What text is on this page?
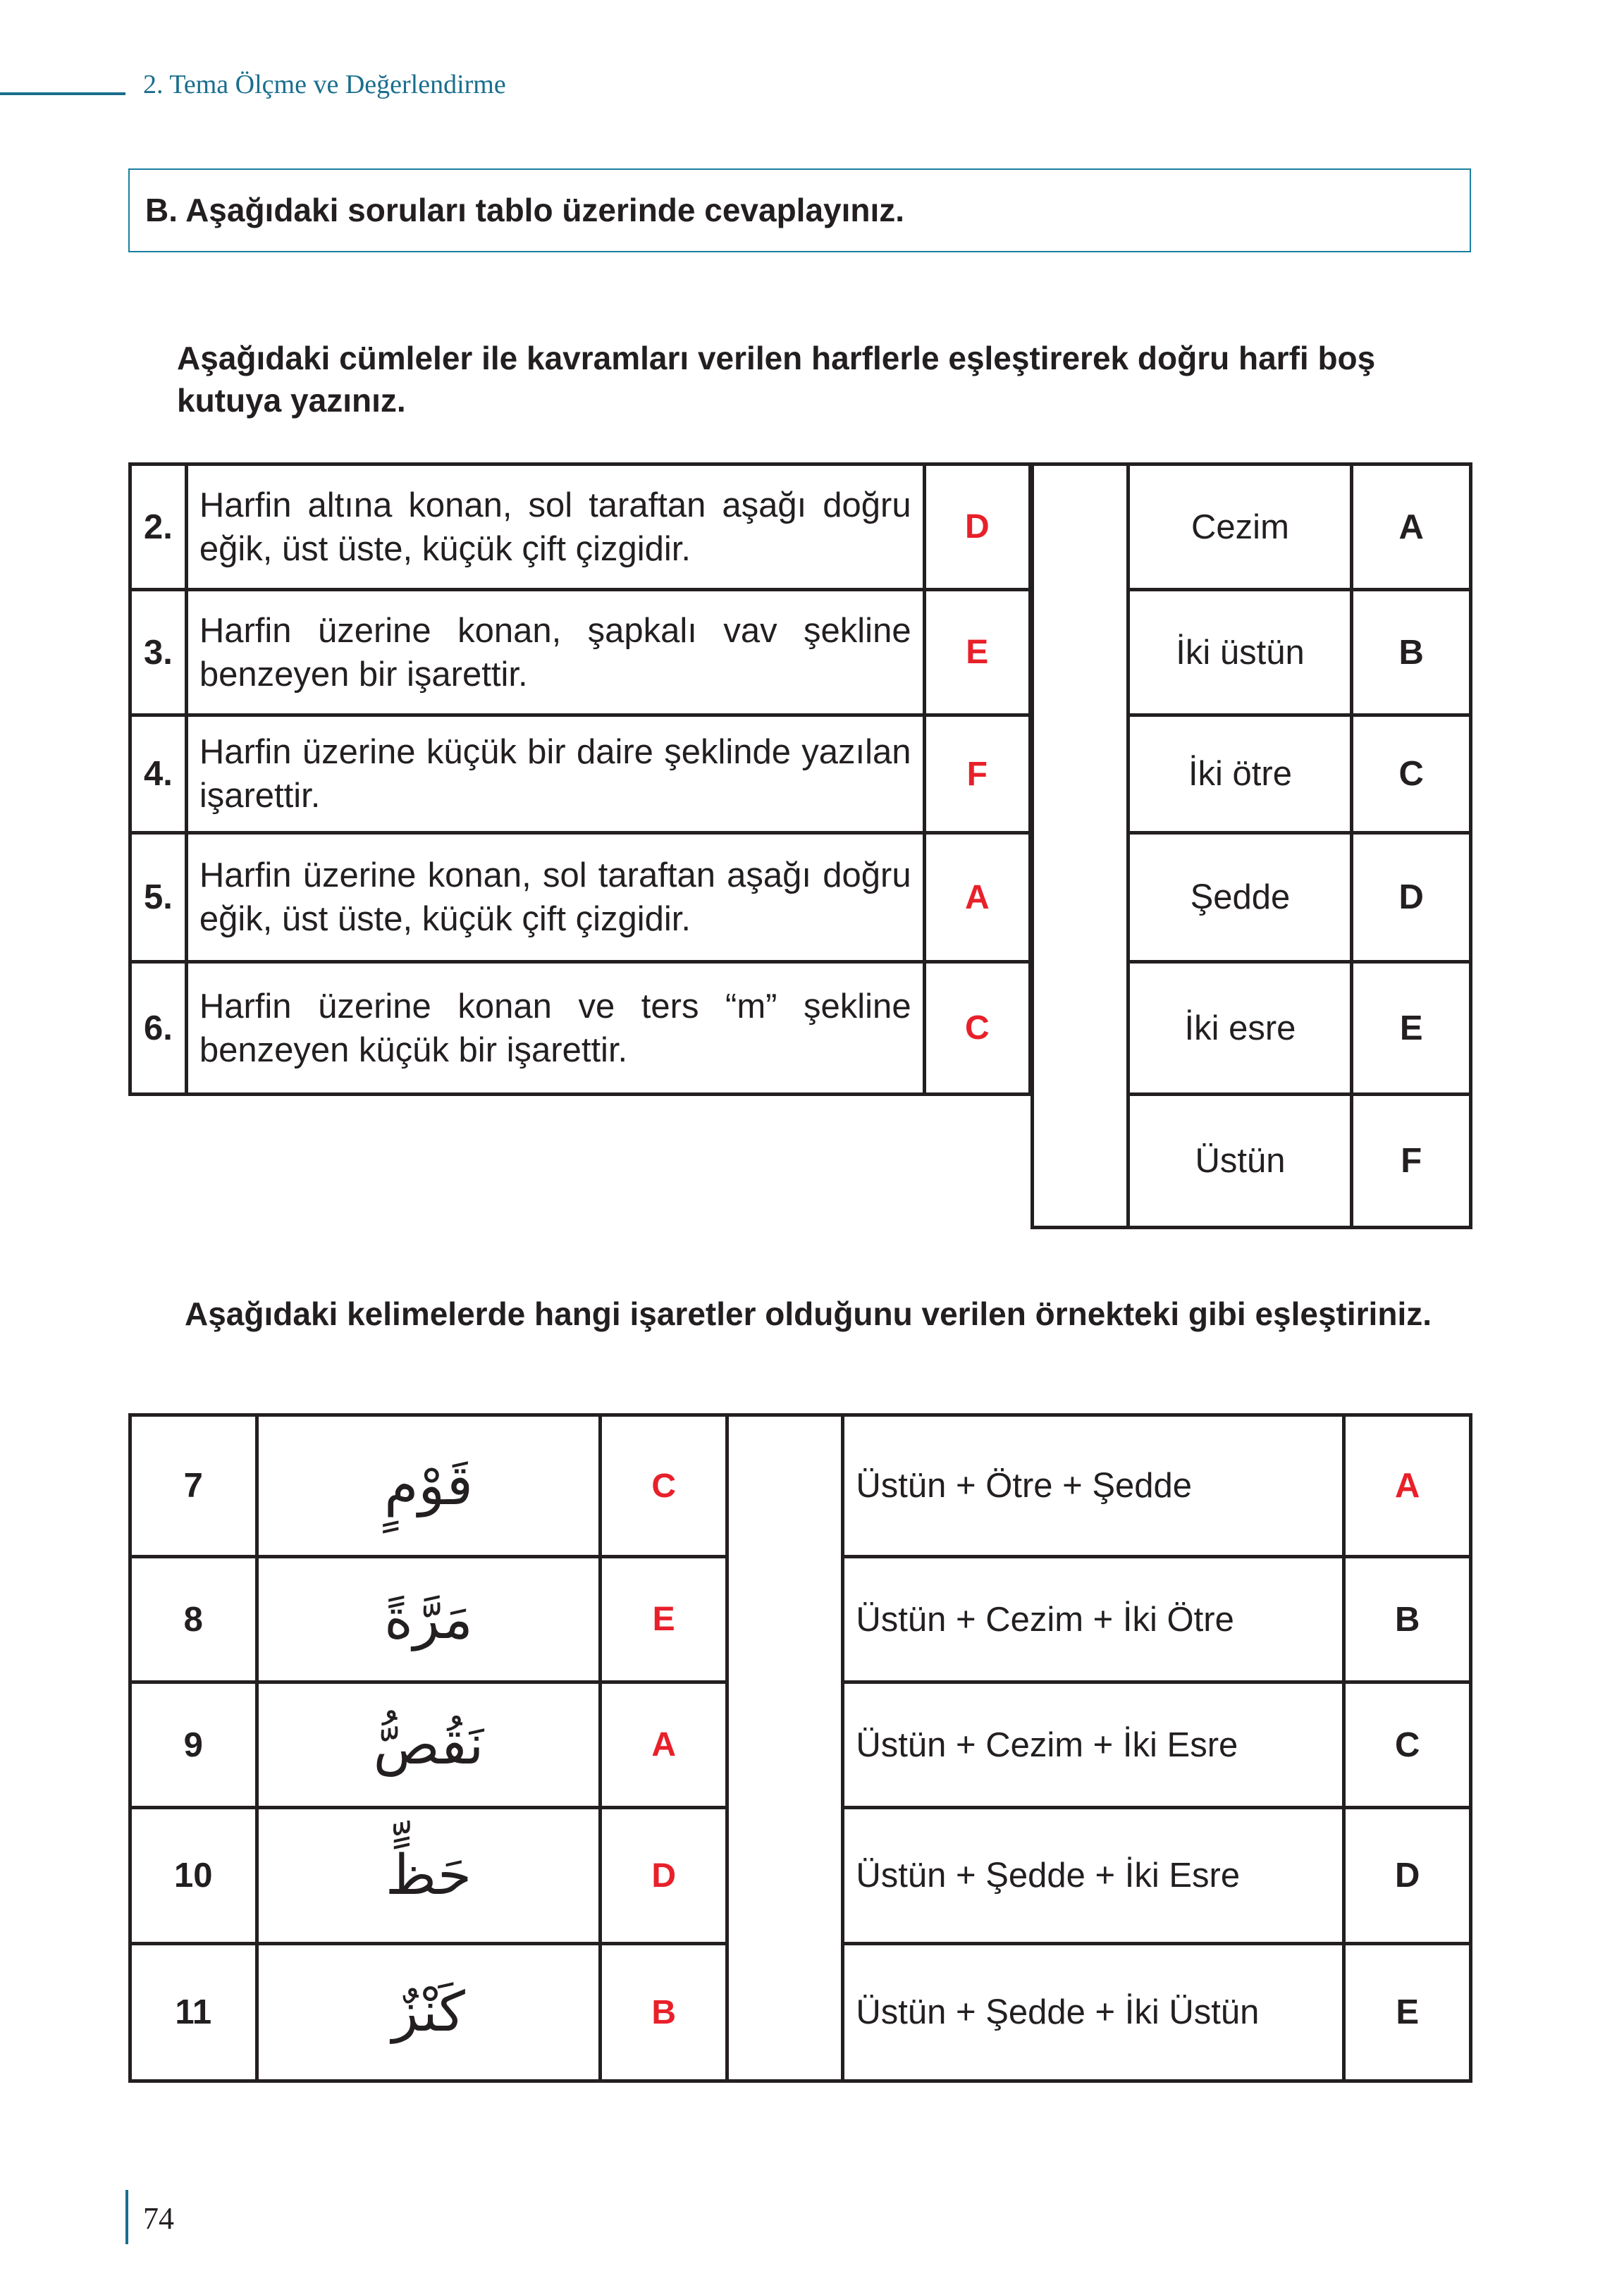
2. Tema Ölçme ve Değerlendirme
B. Aşağıdaki soruları tablo üzerinde cevaplayınız.
Aşağıdaki cümleler ile kavramları verilen harflerle eşleştirerek doğru harfi boş kutuya yazınız.
2.	Harfin altına konan, sol taraftan aşağı doğru eğik, üst üste, küçük çift çizgidir.	D
3.	Harfin üzerine konan, şapkalı vav şekline benzeyen bir işarettir.	E
4.	Harfin üzerine küçük bir daire şeklinde yazılan işarettir.	F
5.	Harfin üzerine konan, sol taraftan aşağı doğru eğik, üst üste, küçük çift çizgidir.	A
6.	Harfin üzerine konan ve ters “m” şekline benzeyen küçük bir işarettir.	C
	Cezim	A
	İki üstün	B
	İki ötre	C
	Şedde	D
	İki esre	E
	Üstün	F
Aşağıdaki kelimelerde hangi işaretler olduğunu verilen örnekteki gibi eşleştiriniz.
7	قَوْمٍ	C		Üstün + Ötre + Şedde	A
8	مَرَّةً	E		Üstün + Cezim + İki Ötre	B
9	نَقُصُّ	A		Üstün + Cezim + İki Esre	C
10	حَظٍّ	D		Üstün + Şedde + İki Esre	D
11	كَنْزٌ	B		Üstün + Şedde + İki Üstün	E
74
